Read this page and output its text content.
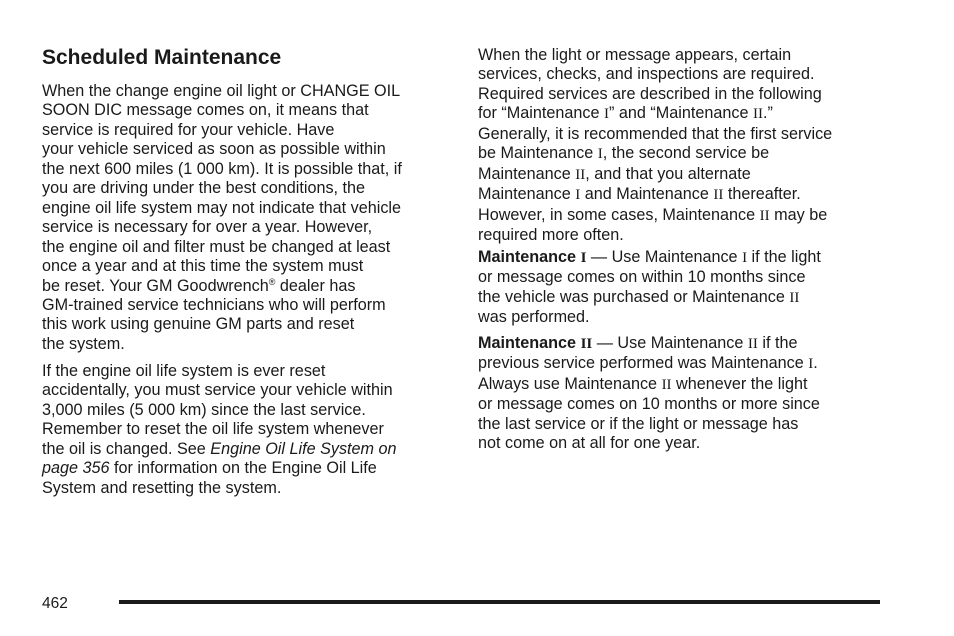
Scheduled Maintenance
When the change engine oil light or CHANGE OIL
SOON DIC message comes on, it means that
service is required for your vehicle. Have
your vehicle serviced as soon as possible within
the next 600 miles (1 000 km). It is possible that, if
you are driving under the best conditions, the
engine oil life system may not indicate that vehicle
service is necessary for over a year. However,
the engine oil and filter must be changed at least
once a year and at this time the system must
be reset. Your GM Goodwrench® dealer has
GM-trained service technicians who will perform
this work using genuine GM parts and reset
the system.
If the engine oil life system is ever reset
accidentally, you must service your vehicle within
3,000 miles (5 000 km) since the last service.
Remember to reset the oil life system whenever
the oil is changed. See Engine Oil Life System on
page 356 for information on the Engine Oil Life
System and resetting the system.
When the light or message appears, certain
services, checks, and inspections are required.
Required services are described in the following
for “Maintenance I” and “Maintenance II.”
Generally, it is recommended that the first service
be Maintenance I, the second service be
Maintenance II, and that you alternate
Maintenance I and Maintenance II thereafter.
However, in some cases, Maintenance II may be
required more often.
Maintenance I — Use Maintenance I if the light
or message comes on within 10 months since
the vehicle was purchased or Maintenance II
was performed.
Maintenance II — Use Maintenance II if the
previous service performed was Maintenance I.
Always use Maintenance II whenever the light
or message comes on 10 months or more since
the last service or if the light or message has
not come on at all for one year.
462
